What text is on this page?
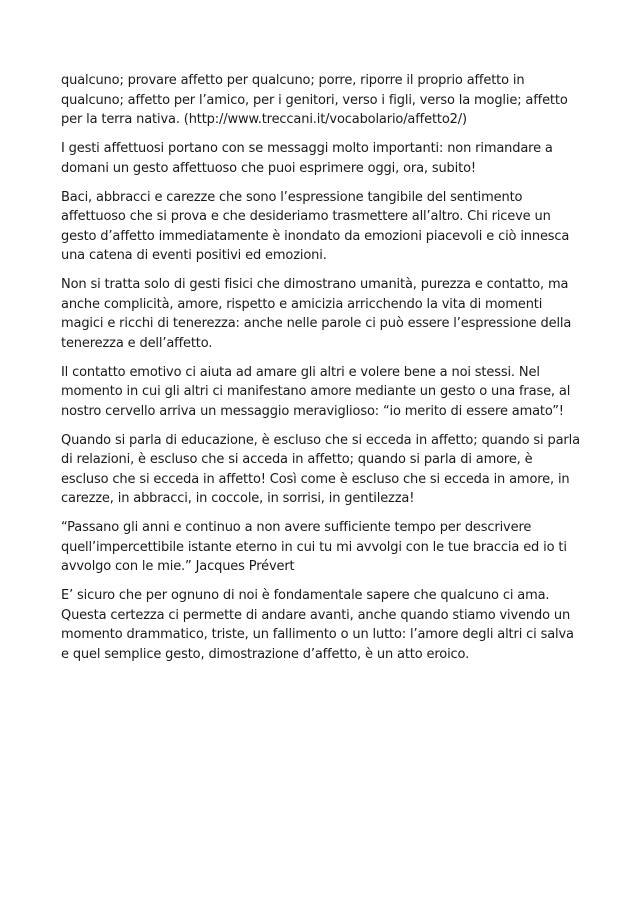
qualcuno; provare affetto per qualcuno; porre, riporre il proprio affetto in qualcuno; affetto per l’amico, per i genitori, verso i figli, verso la moglie; affetto per la terra nativa. (http://www.treccani.it/vocabolario/affetto2/)

I gesti affettuosi portano con se messaggi molto importanti: non rimandare a domani un gesto affettuoso che puoi esprimere oggi, ora, subito!

Baci, abbracci e carezze che sono l’espressione tangibile del sentimento affettuoso che si prova e che desideriamo trasmettere all’altro. Chi riceve un gesto d’affetto immediatamente è inondato da emozioni piacevoli e ciò innesca una catena di eventi positivi ed emozioni.

Non si tratta solo di gesti fisici che dimostrano umanità, purezza e contatto, ma anche complicità, amore, rispetto e amicizia arricchendo la vita di momenti magici e ricchi di tenerezza: anche nelle parole ci può essere l’espressione della tenerezza e dell’affetto.

Il contatto emotivo ci aiuta ad amare gli altri e volere bene a noi stessi. Nel momento in cui gli altri ci manifestano amore mediante un gesto o una frase, al nostro cervello arriva un messaggio meraviglioso: “io merito di essere amato”!

Quando si parla di educazione, è escluso che si ecceda in affetto; quando si parla di relazioni, è escluso che si acceda in affetto; quando si parla di amore, è escluso che si ecceda in affetto! Così come è escluso che si ecceda in amore, in carezze, in abbracci, in coccole, in sorrisi, in gentilezza!

“Passano gli anni e continuo a non avere sufficiente tempo per descrivere quell’impercettibile istante eterno in cui tu mi avvolgi con le tue braccia ed io ti avvolgo con le mie.” Jacques Prévert

E’ sicuro che per ognuno di noi è fondamentale sapere che qualcuno ci ama. Questa certezza ci permette di andare avanti, anche quando stiamo vivendo un momento drammatico, triste, un fallimento o un lutto: l’amore degli altri ci salva e quel semplice gesto, dimostrazione d’affetto, è un atto eroico.
